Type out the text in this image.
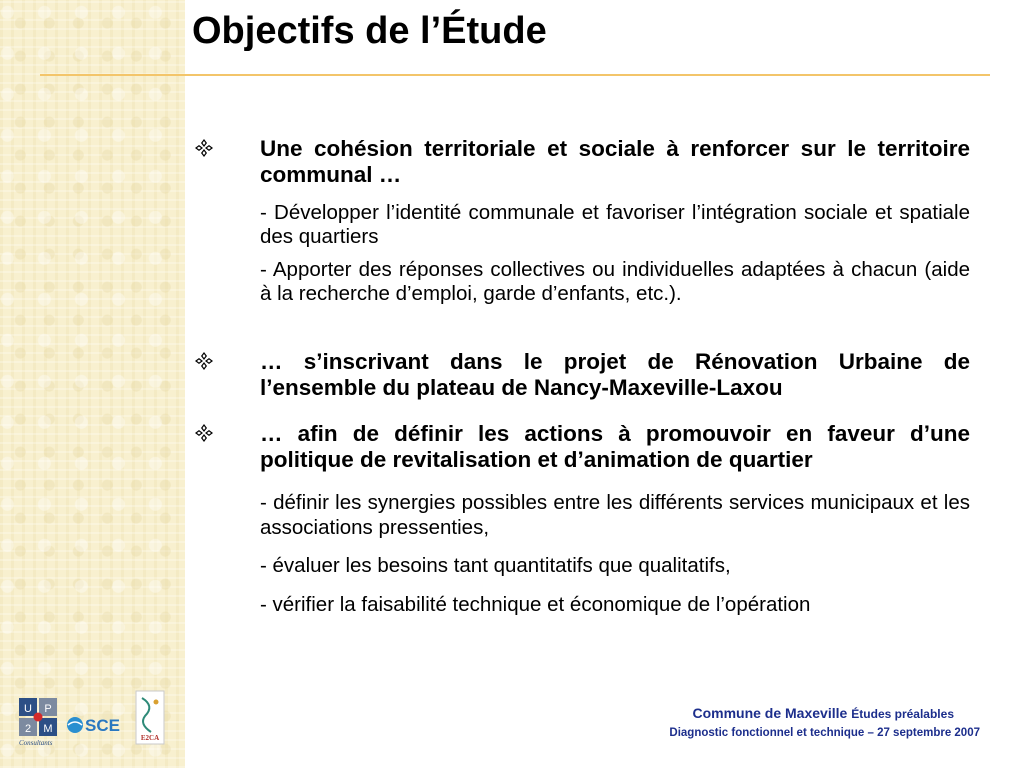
Objectifs de l’Étude

Une cohésion territoriale et sociale à renforcer sur le territoire communal …

- Développer l’identité communale et favoriser l’intégration sociale et spatiale des quartiers

- Apporter des réponses collectives ou individuelles adaptées à chacun (aide à la recherche d’emploi, garde d’enfants, etc.).

… s’inscrivant dans le projet de Rénovation Urbaine de l’ensemble du plateau de Nancy-Maxeville-Laxou

… afin de définir les actions à promouvoir en faveur d’une politique de revitalisation et d’animation de quartier

- définir les synergies possibles entre les différents services municipaux et les associations pressenties,

- évaluer les besoins tant quantitatifs que qualitatifs,

- vérifier la faisabilité technique et économique de l’opération

U P
2 M
Consultants
SCE
E2CA
Commune de Maxeville Études préalables
Diagnostic fonctionnel et technique – 27 septembre 2007
